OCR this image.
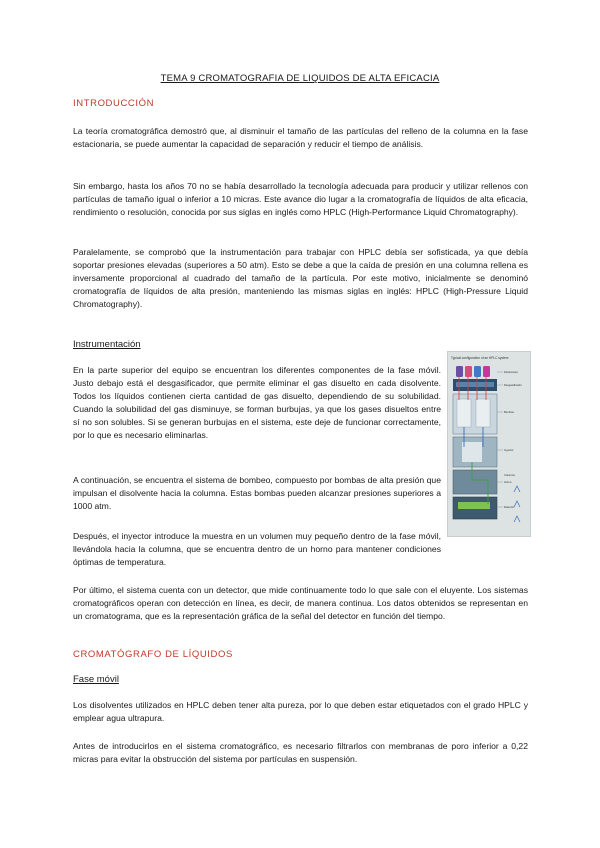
TEMA 9 CROMATOGRAFIA DE LIQUIDOS DE ALTA EFICACIA
INTRODUCCIÓN
La teoría cromatográfica demostró que, al disminuir el tamaño de las partículas del relleno de la columna en la fase estacionaria, se puede aumentar la capacidad de separación y reducir el tiempo de análisis.
Sin embargo, hasta los años 70 no se había desarrollado la tecnología adecuada para producir y utilizar rellenos con partículas de tamaño igual o inferior a 10 micras. Este avance dio lugar a la cromatografía de líquidos de alta eficacia, rendimiento o resolución, conocida por sus siglas en inglés como HPLC (High-Performance Liquid Chromatography).
Paralelamente, se comprobó que la instrumentación para trabajar con HPLC debía ser sofisticada, ya que debía soportar presiones elevadas (superiores a 50 atm). Esto se debe a que la caída de presión en una columna rellena es inversamente proporcional al cuadrado del tamaño de la partícula. Por este motivo, inicialmente se denominó cromatografía de líquidos de alta presión, manteniendo las mismas siglas en inglés: HPLC (High-Pressure Liquid Chromatography).
Instrumentación
En la parte superior del equipo se encuentran los diferentes componentes de la fase móvil. Justo debajo está el desgasificador, que permite eliminar el gas disuelto en cada disolvente. Todos los líquidos contienen cierta cantidad de gas disuelto, dependiendo de su solubilidad. Cuando la solubilidad del gas disminuye, se forman burbujas, ya que los gases disueltos entre sí no son solubles. Si se generan burbujas en el sistema, este deje de funcionar correctamente, por lo que es necesario eliminarlas.
A continuación, se encuentra el sistema de bombeo, compuesto por bombas de alta presión que impulsan el disolvente hacia la columna. Estas bombas pueden alcanzar presiones superiores a 1000 atm.
Después, el inyector introduce la muestra en un volumen muy pequeño dentro de la fase móvil, llevándola hacia la columna, que se encuentra dentro de un horno para mantener condiciones óptimas de temperatura.
Por último, el sistema cuenta con un detector, que mide continuamente todo lo que sale con el eluyente. Los sistemas cromatográficos operan con detección en línea, es decir, de manera continua. Los datos obtenidos se representan en un cromatograma, que es la representación gráfica de la señal del detector en función del tiempo.
CROMATÓGRAFO DE LÍQUIDOS
Fase móvil
Los disolventes utilizados en HPLC deben tener alta pureza, por lo que deben estar etiquetados con el grado HPLC y emplear agua ultrapura.
Antes de introducirlos en el sistema cromatográfico, es necesario filtrarlos con membranas de poro inferior a 0,22 micras para evitar la obstrucción del sistema por partículas en suspensión.
Typical configuration of an HPLC system
Disolventes
Desgasificador
Bombas
Inyector
Columna
Horno
Detector
